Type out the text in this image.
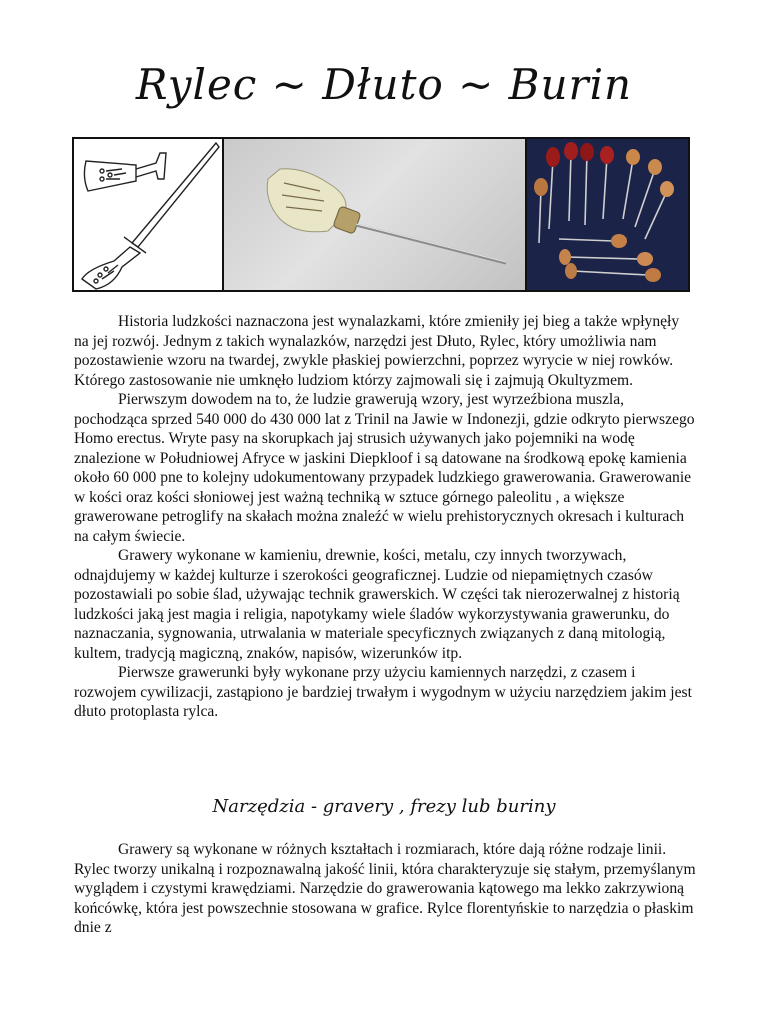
Rylec ~ Dłuto ~ Burin

Historia ludzkości naznaczona jest wynalazkami, które zmieniły jej bieg a także wpłynęły na jej rozwój. Jednym z takich wynalazków, narzędzi jest Dłuto, Rylec, który umożliwia nam pozostawienie wzoru na twardej, zwykle płaskiej powierzchni, poprzez wyrycie w niej rowków. Którego zastosowanie nie umknęło ludziom którzy zajmowali się i zajmują Okultyzmem.

Pierwszym dowodem na to, że ludzie grawerują wzory, jest wyrzeźbiona muszla, pochodząca sprzed 540 000 do 430 000 lat z Trinil na Jawie w Indonezji, gdzie odkryto pierwszego Homo erectus. Wryte pasy na skorupkach jaj strusich używanych jako pojemniki na wodę znalezione w Południowej Afryce w jaskini Diepkloof i są datowane na środkową epokę kamienia około 60 000 pne to kolejny udokumentowany przypadek ludzkiego grawerowania. Grawerowanie w kości oraz kości słoniowej jest ważną techniką w sztuce górnego paleolitu , a większe grawerowane petroglify na skałach można znaleźć w wielu prehistorycznych okresach i kulturach na całym świecie.

Grawery wykonane w kamieniu, drewnie, kości, metalu, czy innych tworzywach, odnajdujemy w każdej kulturze i szerokości geograficznej. Ludzie od niepamiętnych czasów pozostawiali po sobie ślad, używając technik grawerskich. W części tak nierozerwalnej z historią ludzkości jaką jest magia i religia, napotykamy wiele śladów wykorzystywania grawerunku, do naznaczania, sygnowania, utrwalania w materiale specyficznych związanych z daną mitologią, kultem, tradycją magiczną, znaków, napisów, wizerunków itp.

Pierwsze grawerunki były wykonane przy użyciu kamiennych narzędzi, z czasem i rozwojem cywilizacji, zastąpiono je bardziej trwałym i wygodnym w użyciu narzędziem jakim jest dłuto protoplasta rylca.

Narzędzia - gravery , frezy lub buriny

Grawery są wykonane w różnych kształtach i rozmiarach, które dają różne rodzaje linii. Rylec tworzy unikalną i rozpoznawalną jakość linii, która charakteryzuje się stałym, przemyślanym wyglądem i czystymi krawędziami. Narzędzie do grawerowania kątowego ma lekko zakrzywioną końcówkę, która jest powszechnie stosowana w grafice. Rylce florentyńskie to narzędzia o płaskim dnie z
